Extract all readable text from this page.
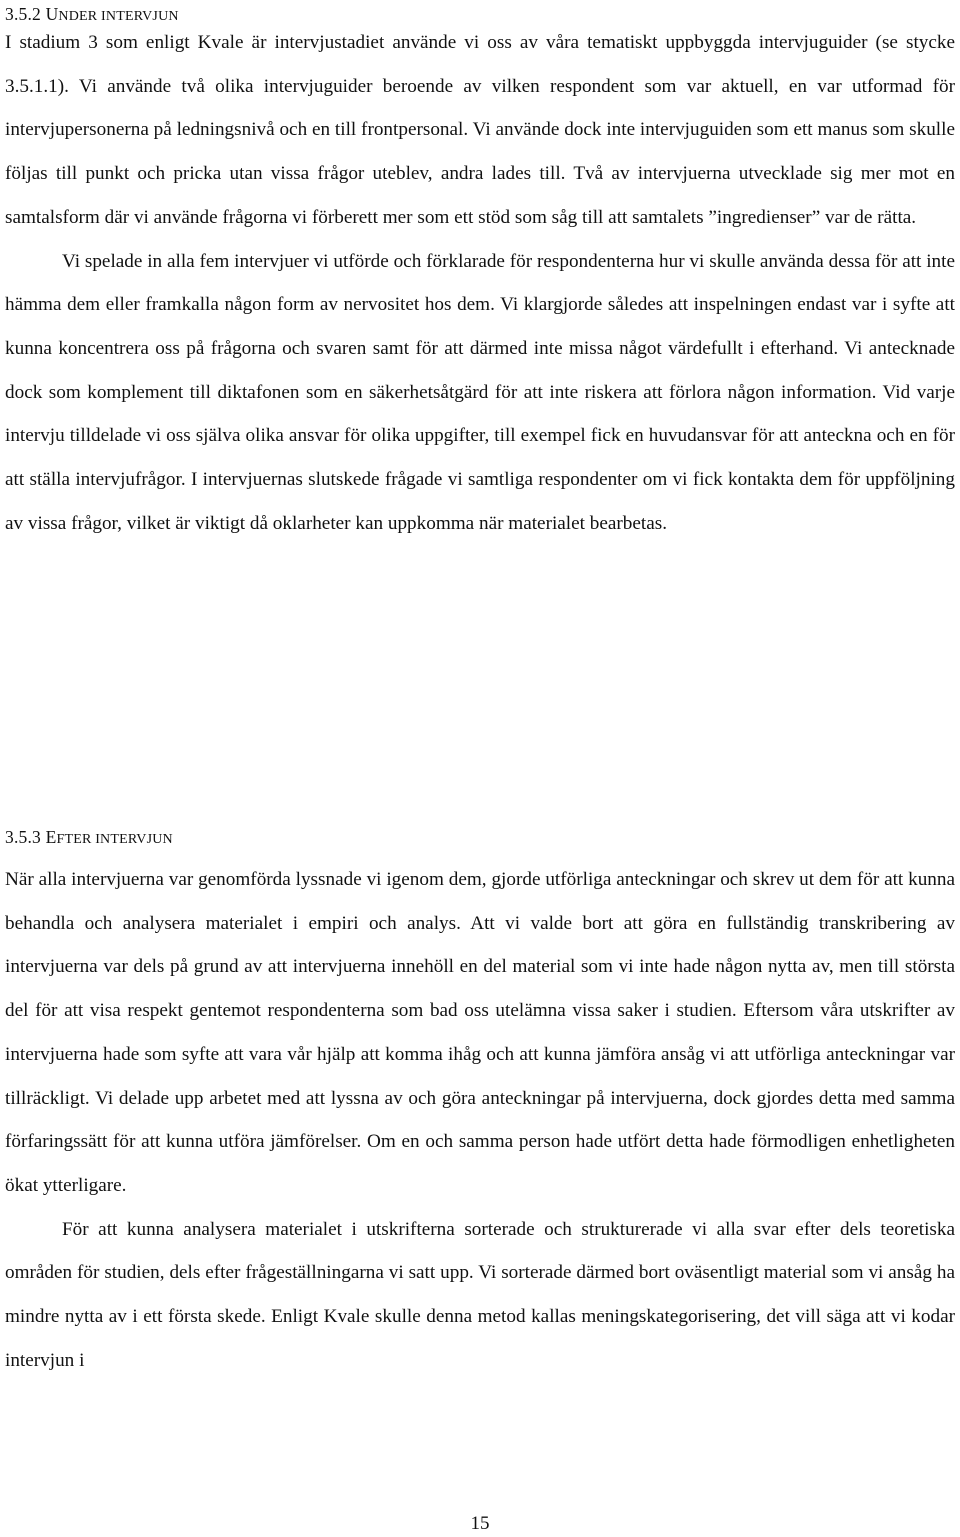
3.5.2 UNDER INTERVJUN

I stadium 3 som enligt Kvale är intervjustadiet använde vi oss av våra tematiskt uppbyggda intervjuguider (se stycke 3.5.1.1). Vi använde två olika intervjuguider beroende av vilken respondent som var aktuell, en var utformad för intervjupersonerna på ledningsnivå och en till frontpersonal. Vi använde dock inte intervjuguiden som ett manus som skulle följas till punkt och pricka utan vissa frågor uteblev, andra lades till. Två av intervjuerna utvecklade sig mer mot en samtalsform där vi använde frågorna vi förberett mer som ett stöd som såg till att samtalets ”ingredienser” var de rätta.

Vi spelade in alla fem intervjuer vi utförde och förklarade för respondenterna hur vi skulle använda dessa för att inte hämma dem eller framkalla någon form av nervositet hos dem. Vi klargjorde således att inspelningen endast var i syfte att kunna koncentrera oss på frågorna och svaren samt för att därmed inte missa något värdefullt i efterhand. Vi antecknade dock som komplement till diktafonen som en säkerhetsåtgärd för att inte riskera att förlora någon information. Vid varje intervju tilldelade vi oss själva olika ansvar för olika uppgifter, till exempel fick en huvudansvar för att anteckna och en för att ställa intervjufrågor. I intervjuernas slutskede frågade vi samtliga respondenter om vi fick kontakta dem för uppföljning av vissa frågor, vilket är viktigt då oklarheter kan uppkomma när materialet bearbetas.

3.5.3 EFTER INTERVJUN

När alla intervjuerna var genomförda lyssnade vi igenom dem, gjorde utförliga anteckningar och skrev ut dem för att kunna behandla och analysera materialet i empiri och analys. Att vi valde bort att göra en fullständig transkribering av intervjuerna var dels på grund av att intervjuerna innehöll en del material som vi inte hade någon nytta av, men till största del för att visa respekt gentemot respondenterna som bad oss utelämna vissa saker i studien. Eftersom våra utskrifter av intervjuerna hade som syfte att vara vår hjälp att komma ihåg och att kunna jämföra ansåg vi att utförliga anteckningar var tillräckligt. Vi delade upp arbetet med att lyssna av och göra anteckningar på intervjuerna, dock gjordes detta med samma förfaringssätt för att kunna utföra jämförelser. Om en och samma person hade utfört detta hade förmodligen enhetligheten ökat ytterligare.

För att kunna analysera materialet i utskrifterna sorterade och strukturerade vi alla svar efter dels teoretiska områden för studien, dels efter frågeställningarna vi satt upp. Vi sorterade därmed bort oväsentligt material som vi ansåg ha mindre nytta av i ett första skede. Enligt Kvale skulle denna metod kallas meningskategorisering, det vill säga att vi kodar intervjun i

15
